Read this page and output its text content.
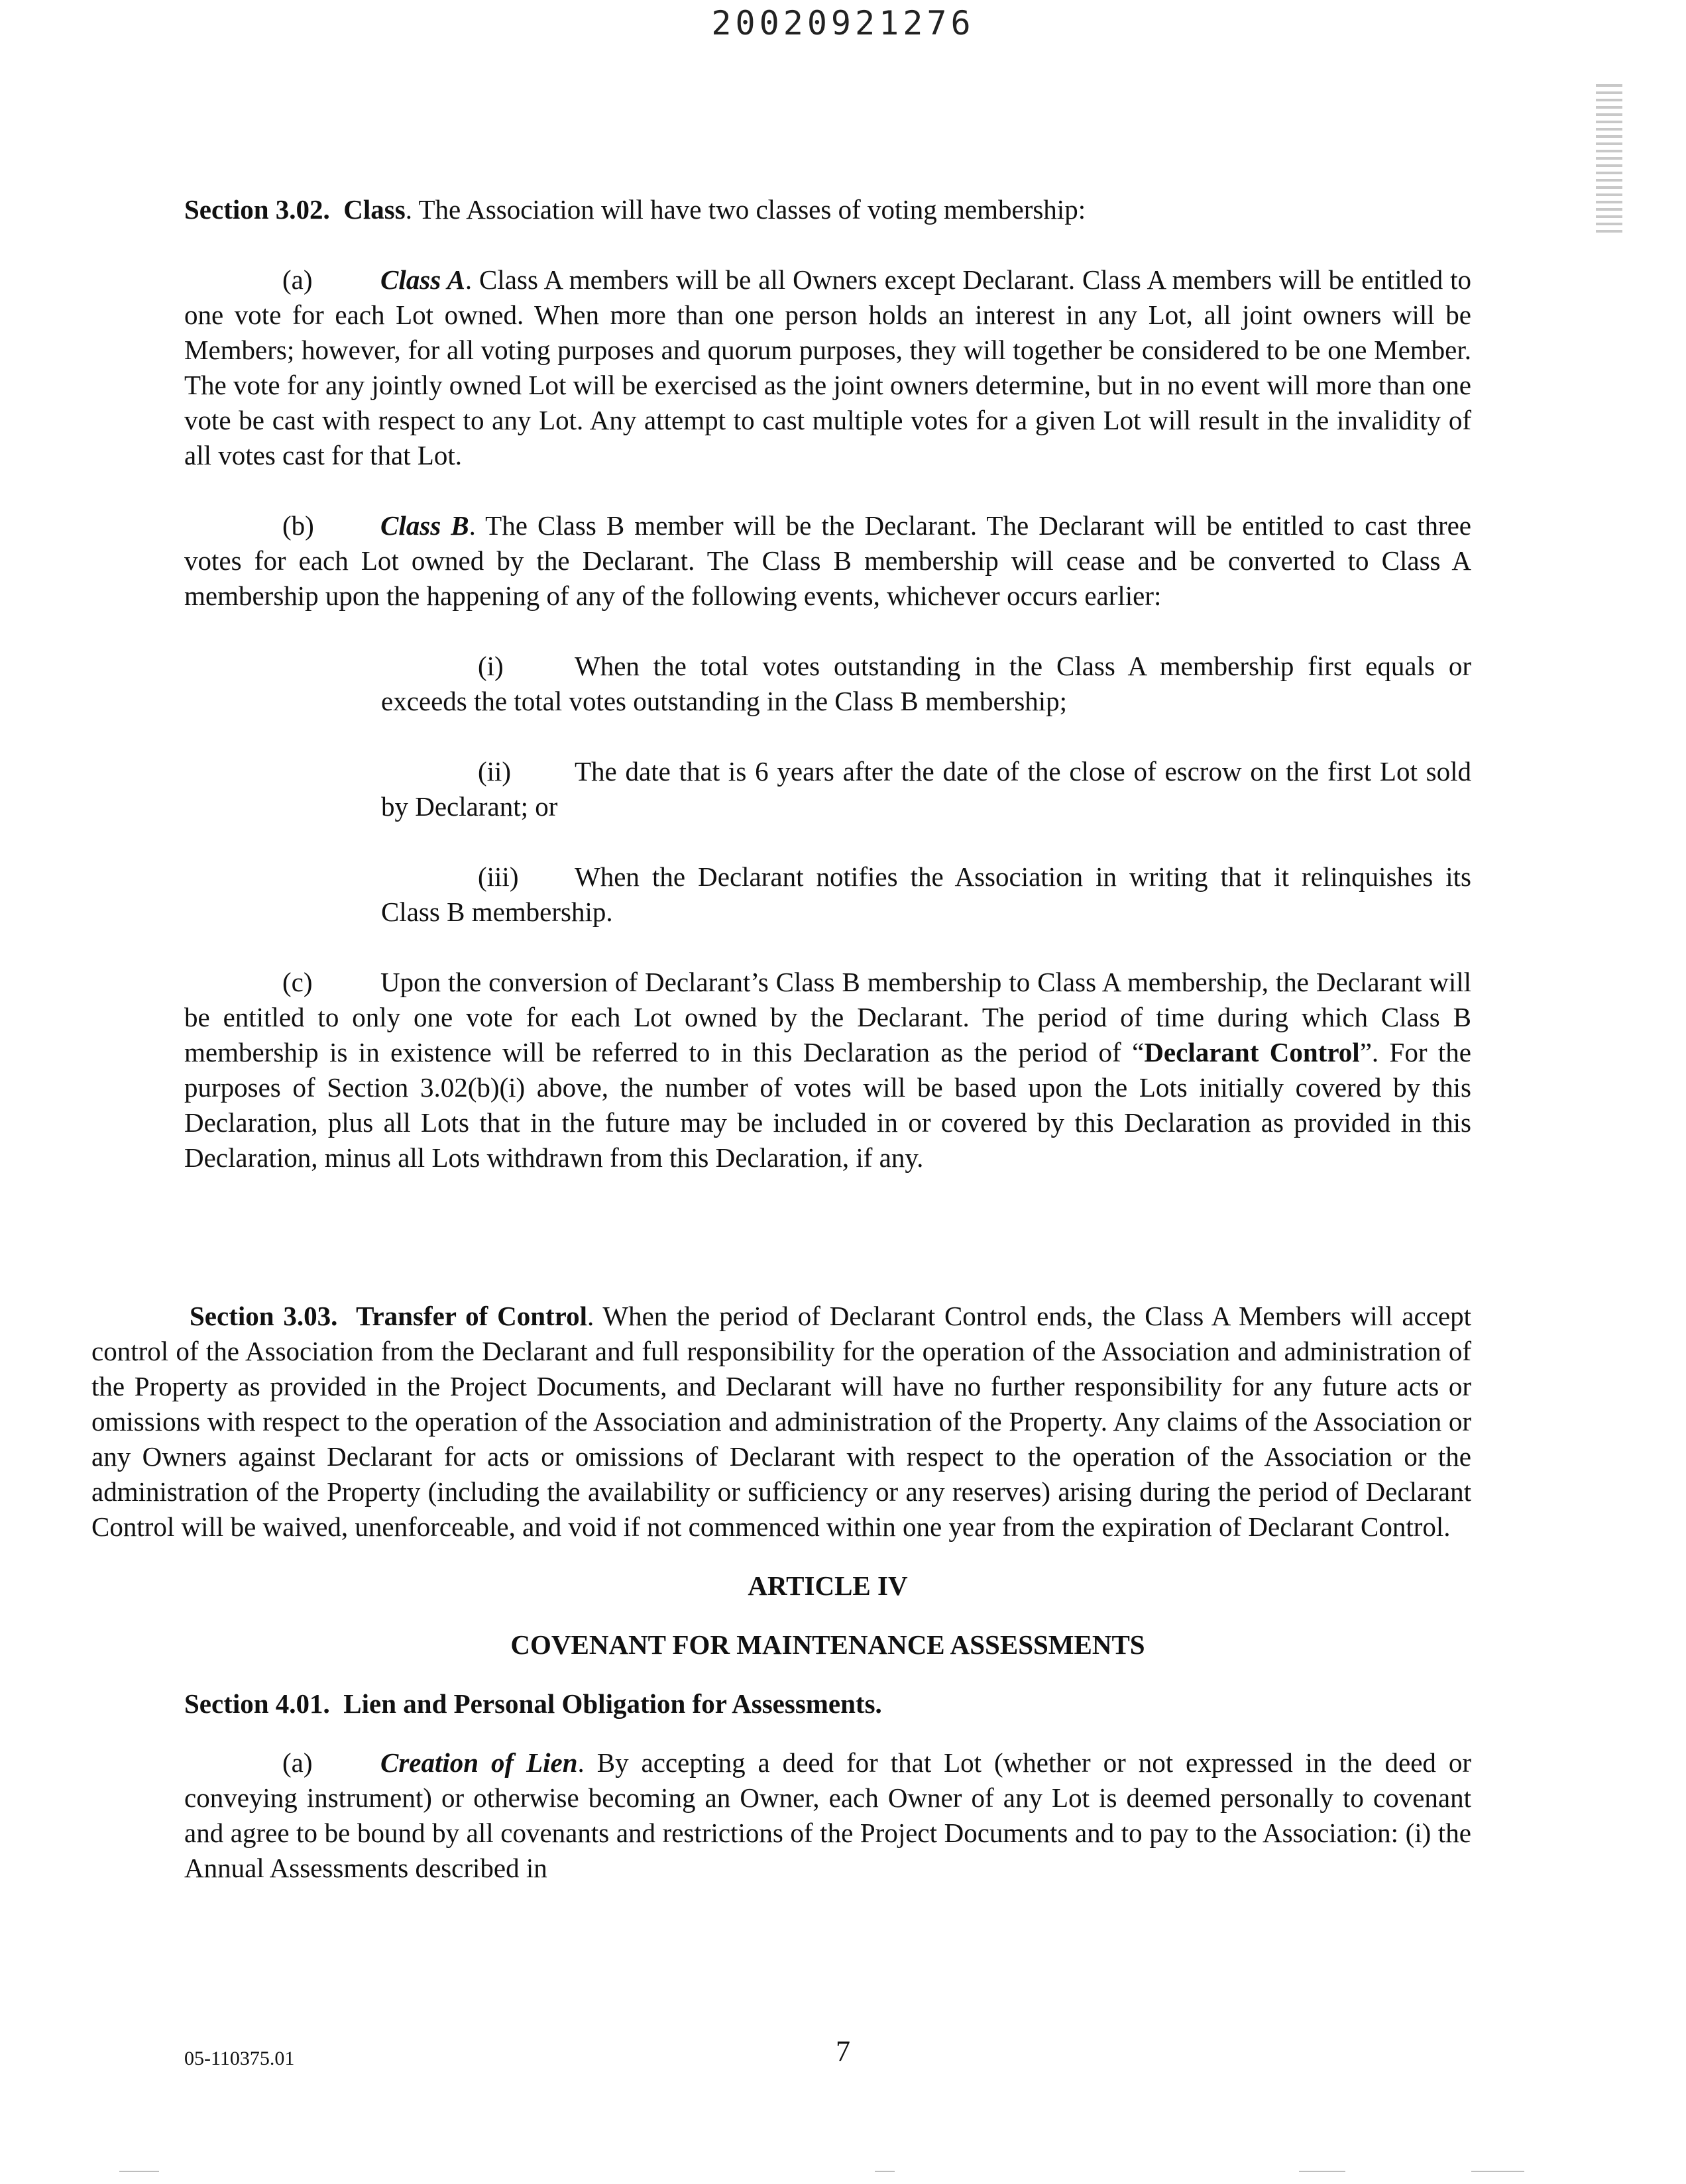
20020921276

Section 3.02. Class. The Association will have two classes of voting membership:

(a) Class A. Class A members will be all Owners except Declarant. Class A members will be entitled to one vote for each Lot owned. When more than one person holds an interest in any Lot, all joint owners will be Members; however, for all voting purposes and quorum purposes, they will together be considered to be one Member. The vote for any jointly owned Lot will be exercised as the joint owners determine, but in no event will more than one vote be cast with respect to any Lot. Any attempt to cast multiple votes for a given Lot will result in the invalidity of all votes cast for that Lot.

(b) Class B. The Class B member will be the Declarant. The Declarant will be entitled to cast three votes for each Lot owned by the Declarant. The Class B membership will cease and be converted to Class A membership upon the happening of any of the following events, whichever occurs earlier:

(i)	When the total votes outstanding in the Class A membership first equals or exceeds the total votes outstanding in the Class B membership;

(ii) The date that is 6 years after the date of the close of escrow on the first Lot sold by Declarant; or

(iii) When the Declarant notifies the Association in writing that it relinquishes its Class B membership.

(c) Upon the conversion of Declarant’s Class B membership to Class A membership, the Declarant will be entitled to only one vote for each Lot owned by the Declarant. The period of time during which Class B membership is in existence will be referred to in this Declaration as the period of “Declarant Control”. For the purposes of Section 3.02(b)(i) above, the number of votes will be based upon the Lots initially covered by this Declaration, plus all Lots that in the future may be included in or covered by this Declaration as provided in this Declaration, minus all Lots withdrawn from this Declaration, if any.

Section 3.03. Transfer of Control. When the period of Declarant Control ends, the Class A Members will accept control of the Association from the Declarant and full responsibility for the operation of the Association and administration of the Property as provided in the Project Documents, and Declarant will have no further responsibility for any future acts or omissions with respect to the operation of the Association and administration of the Property. Any claims of the Association or any Owners against Declarant for acts or omissions of Declarant with respect to the operation of the Association or the administration of the Property (including the availability or sufficiency or any reserves) arising during the period of Declarant Control will be waived, unenforceable, and void if not commenced within one year from the expiration of Declarant Control.

ARTICLE IV

COVENANT FOR MAINTENANCE ASSESSMENTS

Section 4.01. Lien and Personal Obligation for Assessments.

(a) Creation of Lien. By accepting a deed for that Lot (whether or not expressed in the deed or conveying instrument) or otherwise becoming an Owner, each Owner of any Lot is deemed personally to covenant and agree to be bound by all covenants and restrictions of the Project Documents and to pay to the Association: (i) the Annual Assessments described in

05-110375.01	7
